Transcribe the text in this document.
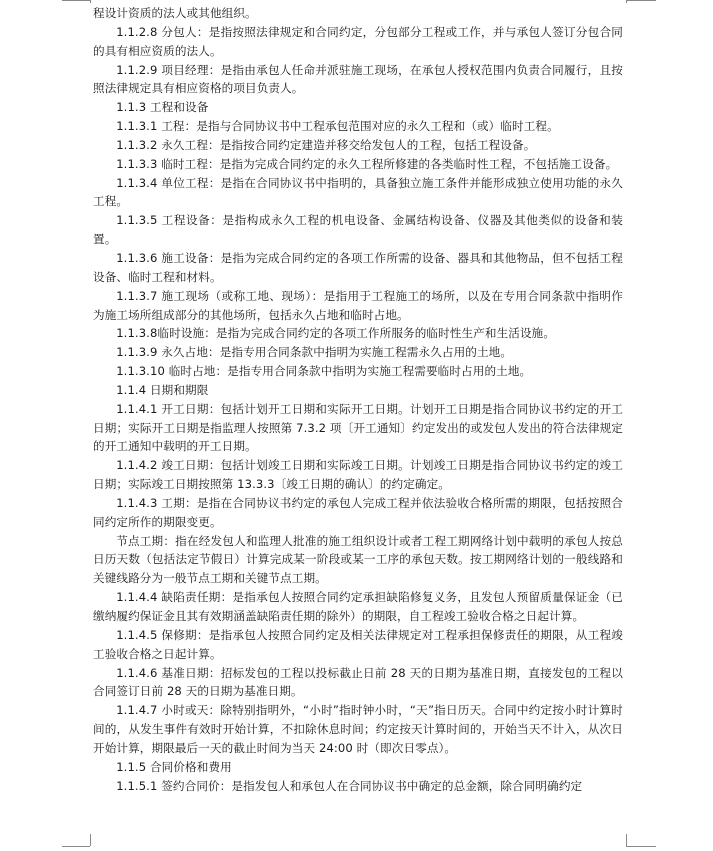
程设计资质的法人或其他组织。

1.1.2.8 分包人：是指按照法律规定和合同约定，分包部分工程或工作，并与承包人签订分包合同的具有相应资质的法人。

1.1.2.9 项目经理：是指由承包人任命并派驻施工现场，在承包人授权范围内负责合同履行，且按照法律规定具有相应资格的项目负责人。

1.1.3 工程和设备

1.1.3.1 工程：是指与合同协议书中工程承包范围对应的永久工程和（或）临时工程。

1.1.3.2 永久工程：是指按合同约定建造并移交给发包人的工程，包括工程设备。

1.1.3.3 临时工程：是指为完成合同约定的永久工程所修建的各类临时性工程，不包括施工设备。

1.1.3.4 单位工程：是指在合同协议书中指明的，具备独立施工条件并能形成独立使用功能的永久工程。

1.1.3.5 工程设备：是指构成永久工程的机电设备、金属结构设备、仪器及其他类似的设备和装置。

1.1.3.6 施工设备：是指为完成合同约定的各项工作所需的设备、器具和其他物品，但不包括工程设备、临时工程和材料。

1.1.3.7 施工现场（或称工地、现场）：是指用于工程施工的场所，以及在专用合同条款中指明作为施工场所组成部分的其他场所，包括永久占地和临时占地。

1.1.3.8临时设施：是指为完成合同约定的各项工作所服务的临时性生产和生活设施。

1.1.3.9 永久占地：是指专用合同条款中指明为实施工程需永久占用的土地。

1.1.3.10 临时占地：是指专用合同条款中指明为实施工程需要临时占用的土地。

1.1.4 日期和期限

1.1.4.1 开工日期：包括计划开工日期和实际开工日期。计划开工日期是指合同协议书约定的开工日期；实际开工日期是指监理人按照第 7.3.2 项〔开工通知〕约定发出的或发包人发出的符合法律规定的开工通知中载明的开工日期。

1.1.4.2 竣工日期：包括计划竣工日期和实际竣工日期。计划竣工日期是指合同协议书约定的竣工日期；实际竣工日期按照第 13.3.3〔竣工日期的确认〕的约定确定。

1.1.4.3 工期：是指在合同协议书约定的承包人完成工程并依法验收合格所需的期限，包括按照合同约定所作的期限变更。

节点工期：指在经发包人和监理人批准的施工组织设计或者工程工期网络计划中载明的承包人按总日历天数（包括法定节假日）计算完成某一阶段或某一工序的承包天数。按工期网络计划的一般线路和关键线路分为一般节点工期和关键节点工期。

1.1.4.4 缺陷责任期：是指承包人按照合同约定承担缺陷修复义务，且发包人预留质量保证金（已缴纳履约保证金且其有效期涵盖缺陷责任期的除外）的期限，自工程竣工验收合格之日起计算。

1.1.4.5 保修期：是指承包人按照合同约定及相关法律规定对工程承担保修责任的期限，从工程竣工验收合格之日起计算。

1.1.4.6 基准日期：招标发包的工程以投标截止日前 28 天的日期为基准日期，直接发包的工程以合同签订日前 28 天的日期为基准日期。

1.1.4.7 小时或天：除特别指明外，“小时”指时钟小时，“天”指日历天。合同中约定按小时计算时间的，从发生事件有效时开始计算，不扣除休息时间；约定按天计算时间的，开始当天不计入，从次日开始计算，期限最后一天的截止时间为当天 24:00 时（即次日零点）。

1.1.5 合同价格和费用

1.1.5.1 签约合同价：是指发包人和承包人在合同协议书中确定的总金额，除合同明确约定
